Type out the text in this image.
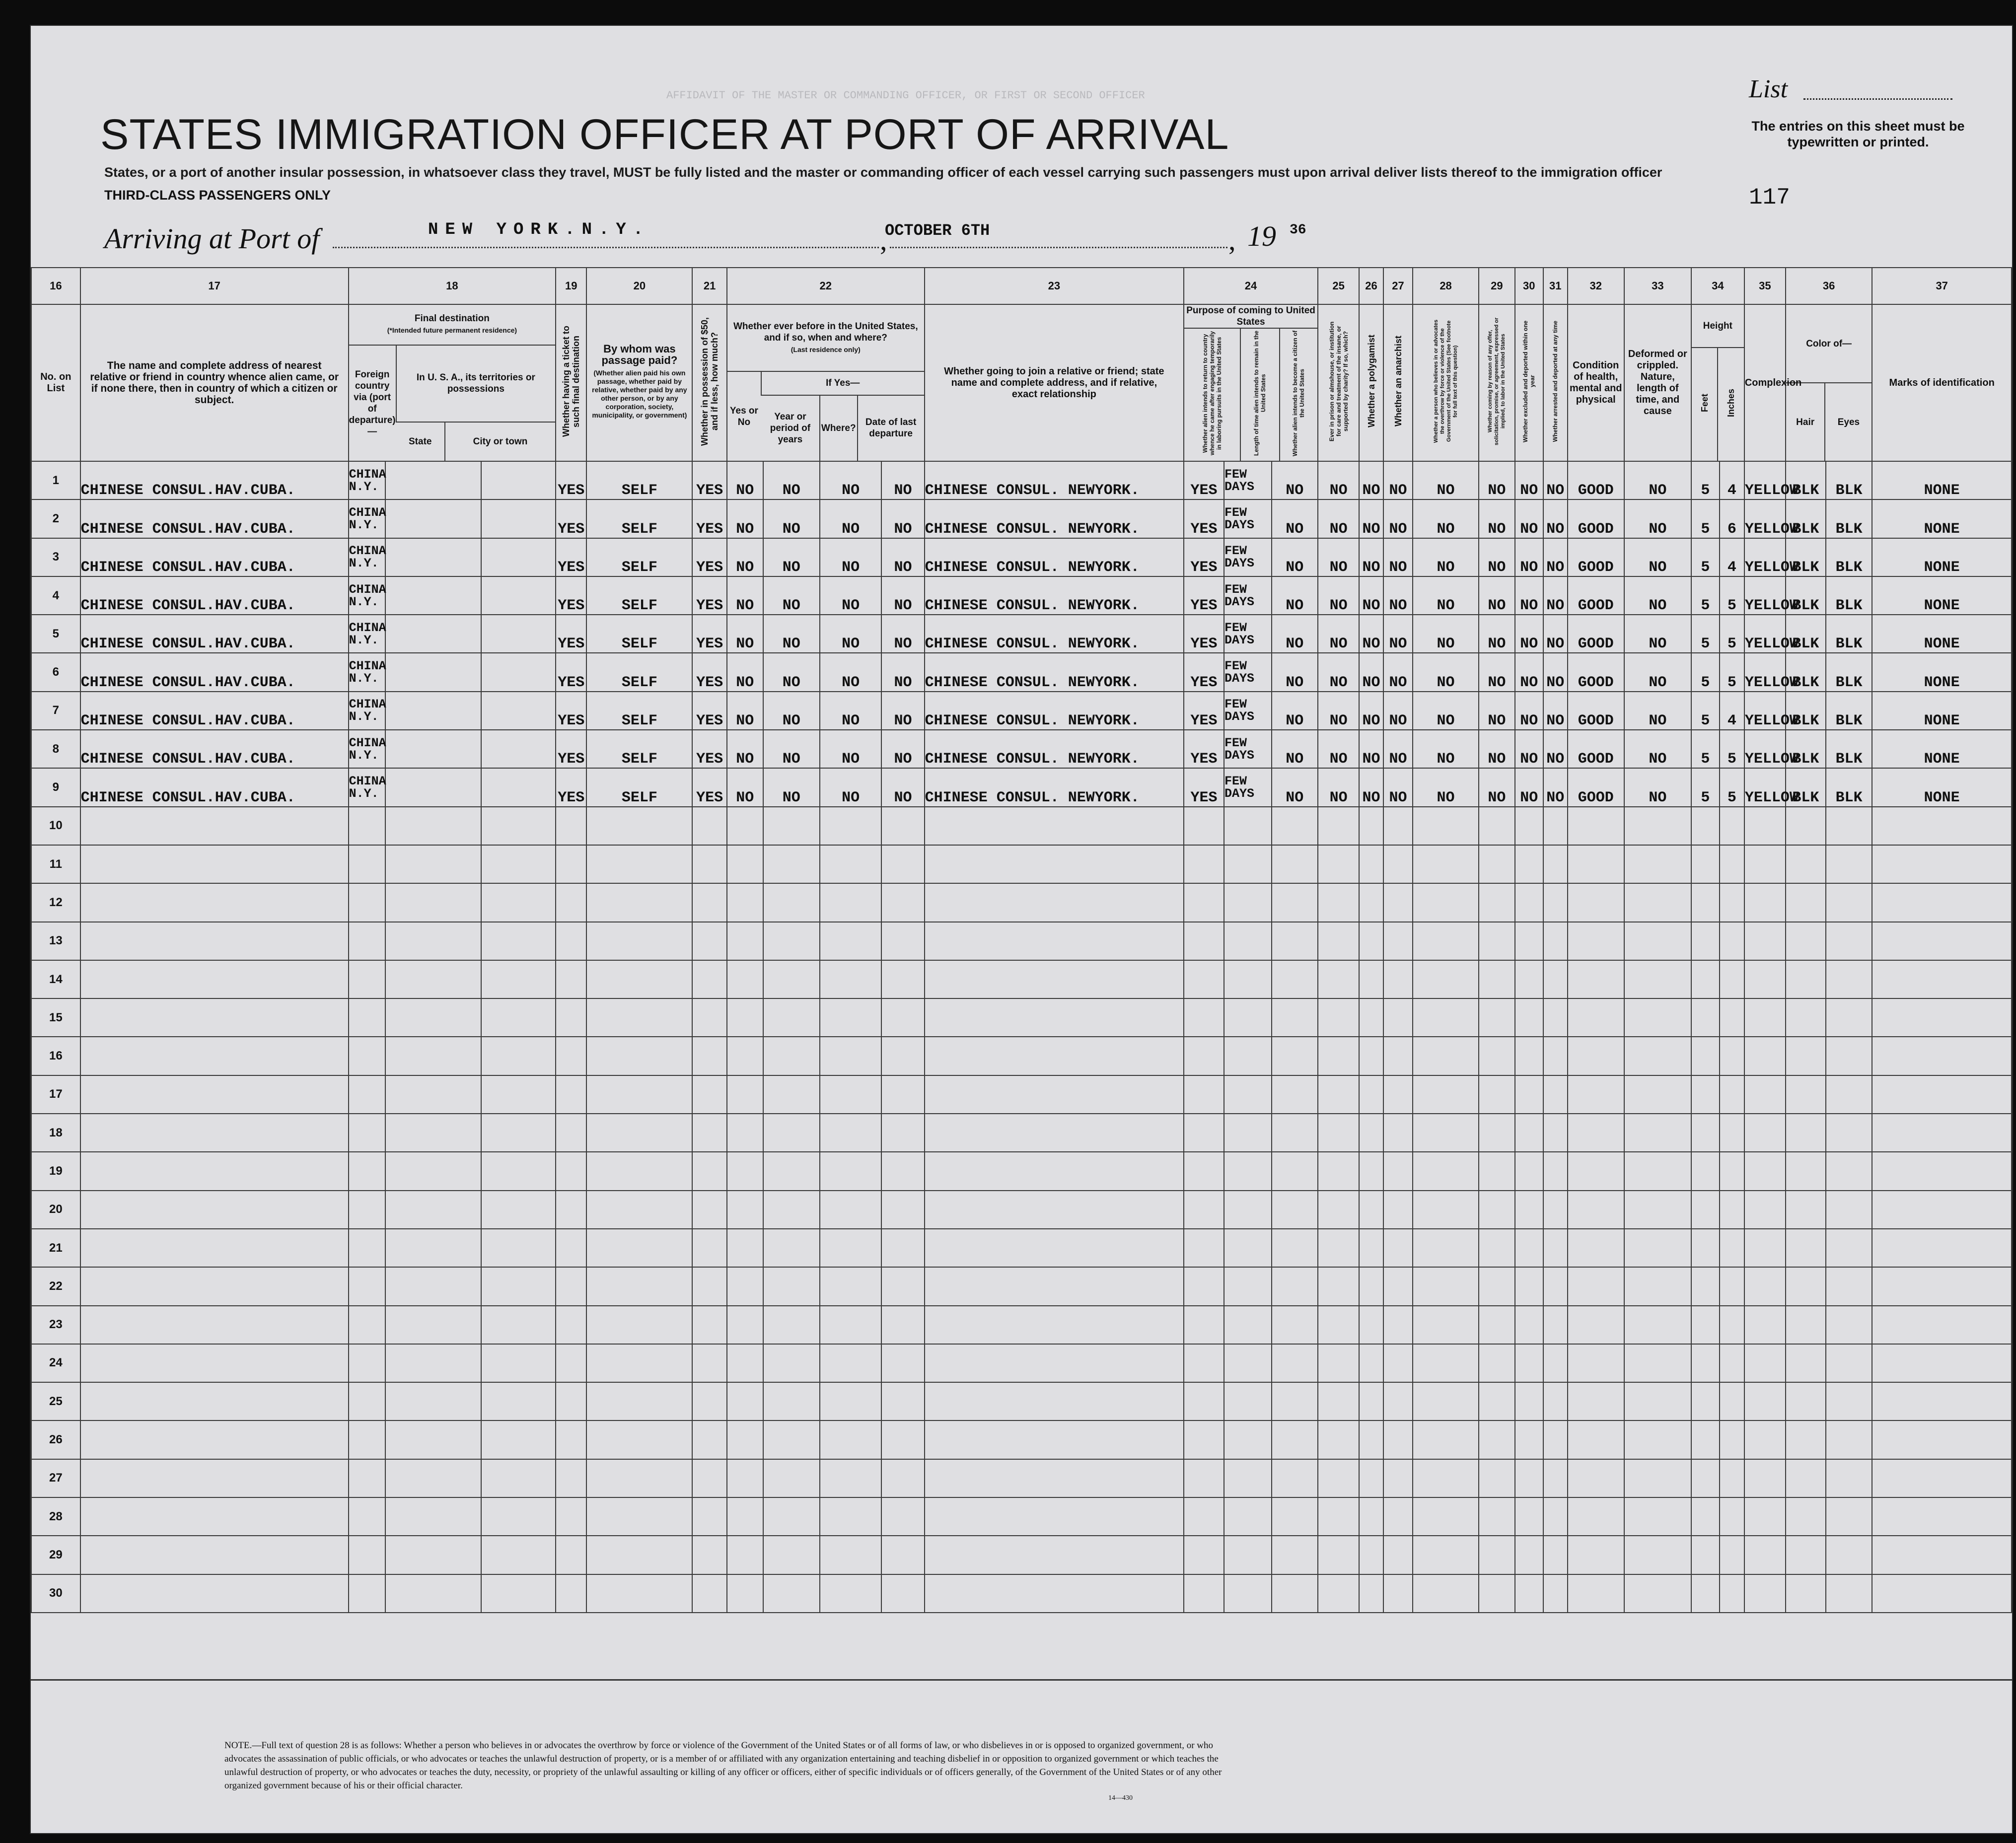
AFFIDAVIT OF THE MASTER OR COMMANDING OFFICER, OR FIRST OR SECOND OFFICER
STATES IMMIGRATION OFFICER AT PORT OF ARRIVAL
States, or a port of another insular possession, in whatsoever class they travel, MUST be fully listed and the master or commanding officer of each vessel carrying such passengers must upon arrival deliver lists thereof to the immigration officer
THIRD-CLASS PASSENGERS ONLY
List
The entries on this sheet must be typewritten or printed.
117
Arriving at Port of	NEW YORK.N.Y.	,
OCTOBER 6TH	, 19 36
16	17	18	19	20	21	22	23	24	25	26	27	28	29	30	31	32	33	34	35	36	37
No. on List	The name and complete address of nearest relative or friend in country whence alien came, or if none there, then in country of which a citizen or subject.	
Final destination
(*Intended future permanent residence)
Foreign country via (port of departure)—	In U. S. A., its territories or possessions
State	City or town
	Whether having a ticket to such final destination	By whom was passage paid?
(Whether alien paid his own passage, whether paid by relative, whether paid by any other person, or by any corporation, society, municipality, or government)	Whether in possession of $50, and if less, how much?	
Whether ever before in the United States, and if so, when and where?
(Last residence only)
Yes or No	If Yes—
Year or period of years	Where?	Date of last departure
	Whether going to join a relative or friend; state name and complete address, and if relative, exact relationship	
Purpose of coming to United States
Whether alien intends to return to country whence he came after engaging temporarily in laboring pursuits in the United States	Length of time alien intends to remain in the United States	Whether alien intends to become a citizen of the United States
		Ever in prison or almshouse, or institution for care and treatment of the insane, or supported by charity? If so, which?	Whether a polygamist	Whether an anarchist	Whether a person who believes in or advocates the overthrow by force or violence of the Government of the United States (See footnote for full text of this question)	Whether coming by reason of any offer, solicitation, promise, or agreement, expressed or implied, to labor in the United States	Whether excluded and deported within one year	Whether arrested and deported at any time	Condition of health, mental and physical	Deformed or crippled. Nature, length of time, and cause	
Height
Feet	Inches
	Complexion	
Color of—
Hair	Eyes
	Marks of identification
1	CHINESE CONSUL.HAV.CUBA.	
CHINA
N.Y.			YES	SELF	YES	NO	NO	NO	NO	CHINESE CONSUL. NEWYORK.	YES	
FEW
DAYS	NO	NO	NO	NO	NO	NO	NO	NO	GOOD	NO	5	4	YELLOW	BLK	BLK	NONE
2	CHINESE CONSUL.HAV.CUBA.	
CHINA
N.Y.			YES	SELF	YES	NO	NO	NO	NO	CHINESE CONSUL. NEWYORK.	YES	
FEW
DAYS	NO	NO	NO	NO	NO	NO	NO	NO	GOOD	NO	5	6	YELLOW	BLK	BLK	NONE
3	CHINESE CONSUL.HAV.CUBA.	
CHINA
N.Y.			YES	SELF	YES	NO	NO	NO	NO	CHINESE CONSUL. NEWYORK.	YES	
FEW
DAYS	NO	NO	NO	NO	NO	NO	NO	NO	GOOD	NO	5	4	YELLOW	BLK	BLK	NONE
4	CHINESE CONSUL.HAV.CUBA.	
CHINA
N.Y.			YES	SELF	YES	NO	NO	NO	NO	CHINESE CONSUL. NEWYORK.	YES	
FEW
DAYS	NO	NO	NO	NO	NO	NO	NO	NO	GOOD	NO	5	5	YELLOW	BLK	BLK	NONE
5	CHINESE CONSUL.HAV.CUBA.	
CHINA
N.Y.			YES	SELF	YES	NO	NO	NO	NO	CHINESE CONSUL. NEWYORK.	YES	
FEW
DAYS	NO	NO	NO	NO	NO	NO	NO	NO	GOOD	NO	5	5	YELLOW	BLK	BLK	NONE
6	CHINESE CONSUL.HAV.CUBA.	
CHINA
N.Y.			YES	SELF	YES	NO	NO	NO	NO	CHINESE CONSUL. NEWYORK.	YES	
FEW
DAYS	NO	NO	NO	NO	NO	NO	NO	NO	GOOD	NO	5	5	YELLOW	BLK	BLK	NONE
7	CHINESE CONSUL.HAV.CUBA.	
CHINA
N.Y.			YES	SELF	YES	NO	NO	NO	NO	CHINESE CONSUL. NEWYORK.	YES	
FEW
DAYS	NO	NO	NO	NO	NO	NO	NO	NO	GOOD	NO	5	4	YELLOW	BLK	BLK	NONE
8	CHINESE CONSUL.HAV.CUBA.	
CHINA
N.Y.			YES	SELF	YES	NO	NO	NO	NO	CHINESE CONSUL. NEWYORK.	YES	
FEW
DAYS	NO	NO	NO	NO	NO	NO	NO	NO	GOOD	NO	5	5	YELLOW	BLK	BLK	NONE
9	CHINESE CONSUL.HAV.CUBA.	
CHINA
N.Y.			YES	SELF	YES	NO	NO	NO	NO	CHINESE CONSUL. NEWYORK.	YES	
FEW
DAYS	NO	NO	NO	NO	NO	NO	NO	NO	GOOD	NO	5	5	YELLOW	BLK	BLK	NONE
10																														
11																														
12																														
13																														
14																														
15																														
16																														
17																														
18																														
19																														
20																														
21																														
22																														
23																														
24																														
25																														
26																														
27																														
28																														
29																														
30																														
NOTE.—Full text of question 28 is as follows: Whether a person who believes in or advocates the overthrow by force or violence of the Government of the United States or of all forms of law, or who disbelieves in or is opposed to organized government, or who advocates the assassination of public officials, or who advocates or teaches the unlawful destruction of property, or is a member of or affiliated with any organization entertaining and teaching disbelief in or opposition to organized government or which teaches the unlawful destruction of property, or who advocates or teaches the duty, necessity, or propriety of the unlawful assaulting or killing of any officer or officers, either of specific individuals or of officers generally, of the Government of the United States or of any other organized government because of his or their official character.
14—430
